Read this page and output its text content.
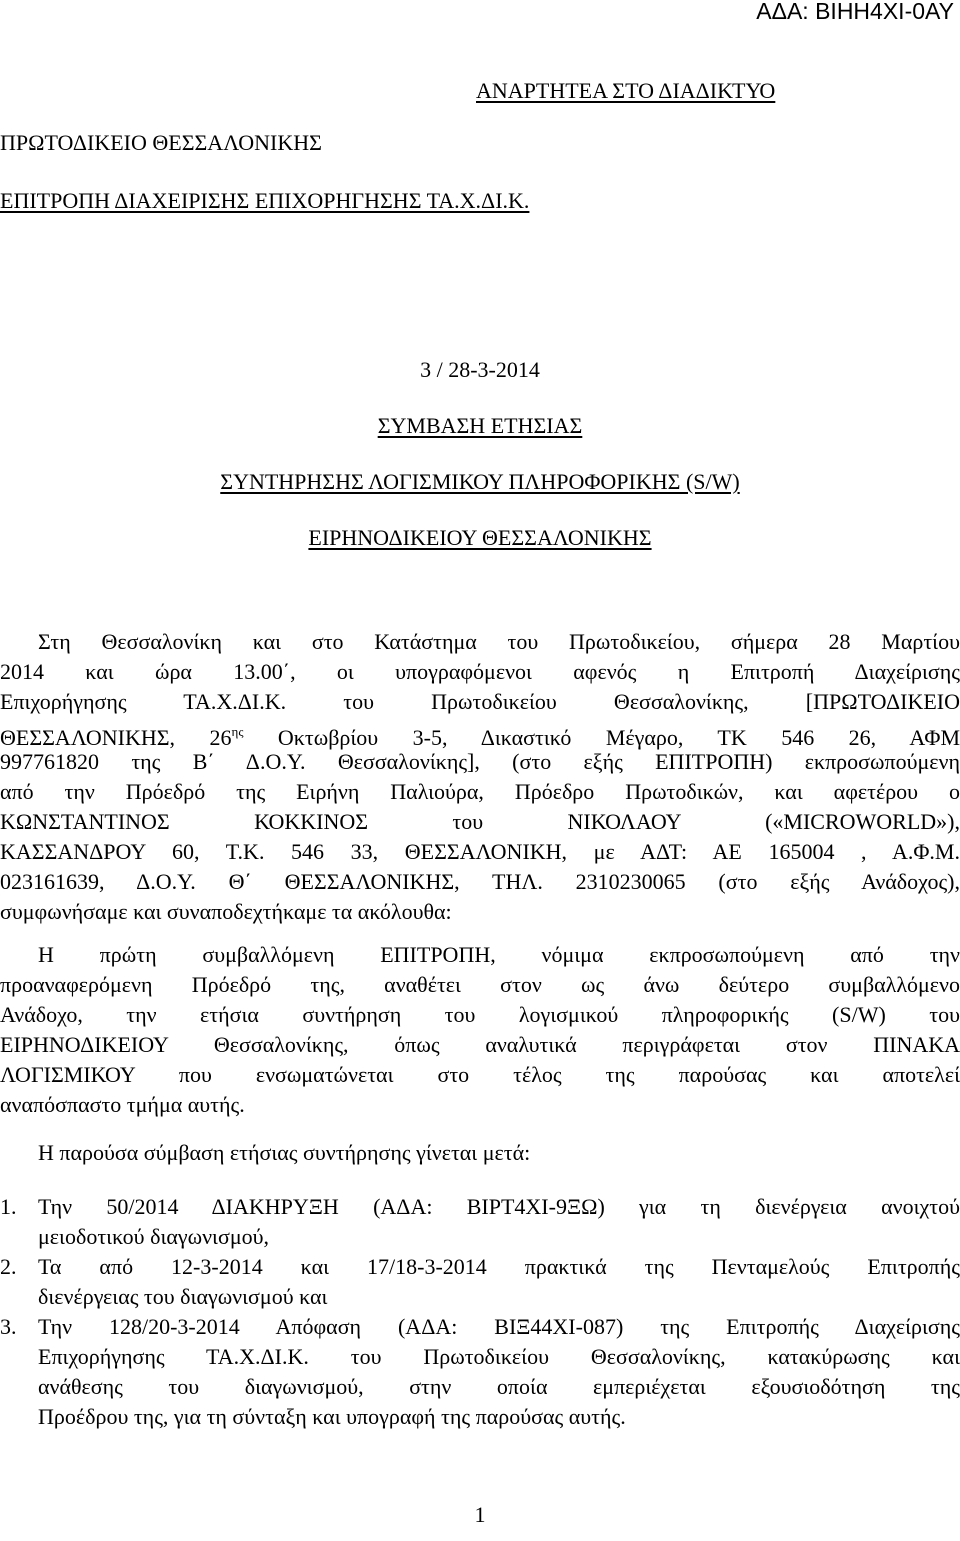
ΑΔΑ: ΒΙΗΗ4ΧΙ-0ΑΥ
ΑΝΑΡΤΗΤΕΑ ΣΤΟ ΔΙΑΔΙΚΤΥΟ
ΠΡΩΤΟΔΙΚΕΙΟ ΘΕΣΣΑΛΟΝΙΚΗΣ
ΕΠΙΤΡΟΠΗ ΔΙΑΧΕΙΡΙΣΗΣ ΕΠΙΧΟΡΗΓΗΣΗΣ ΤΑ.Χ.ΔΙ.Κ.
3 / 28-3-2014
ΣΥΜΒΑΣΗ ΕΤΗΣΙΑΣ
ΣΥΝΤΗΡΗΣΗΣ ΛΟΓΙΣΜΙΚΟΥ ΠΛΗΡΟΦΟΡΙΚΗΣ (S/W)
ΕΙΡΗΝΟΔΙΚΕΙΟΥ ΘΕΣΣΑΛΟΝΙΚΗΣ
Στη Θεσσαλονίκη και στο Κατάστημα του Πρωτοδικείου, σήμερα 28 Μαρτίου
2014 και ώρα 13.00΄, οι υπογραφόμενοι αφενός η Επιτροπή Διαχείρισης
Επιχορήγησης ΤΑ.Χ.ΔΙ.Κ. του Πρωτοδικείου Θεσσαλονίκης, [ΠΡΩΤΟΔΙΚΕΙΟ
ΘΕΣΣΑΛΟΝΙΚΗΣ, $26^{\eta\varsigma}$ Οκτωβρίου 3-5, Δικαστικό Μέγαρο, ΤΚ 546 26, ΑΦΜ
997761820 της Β΄ Δ.Ο.Υ. Θεσσαλονίκης], (στο εξής ΕΠΙΤΡΟΠΗ) εκπροσωπούμενη
από την Πρόεδρό της Ειρήνη Παλιούρα, Πρόεδρο Πρωτοδικών, και αφετέρου ο
ΚΩΝΣΤΑΝΤΙΝΟΣ ΚΟΚΚΙΝΟΣ του ΝΙΚΟΛΑΟΥ («MICROWORLD»),
ΚΑΣΣΑΝΔΡΟΥ 60, Τ.Κ. 546 33, ΘΕΣΣΑΛΟΝΙΚΗ, με ΑΔΤ: ΑΕ 165004 , Α.Φ.Μ.
023161639, Δ.Ο.Υ. Θ΄ ΘΕΣΣΑΛΟΝΙΚΗΣ, ΤΗΛ. 2310230065 (στο εξής Ανάδοχος),
συμφωνήσαμε και συναποδεχτήκαμε τα ακόλουθα:
Η πρώτη συμβαλλόμενη ΕΠΙΤΡΟΠΗ, νόμιμα εκπροσωπούμενη από την
προαναφερόμενη Πρόεδρό της, αναθέτει στον ως άνω δεύτερο συμβαλλόμενο
Ανάδοχο, την ετήσια συντήρηση του λογισμικού πληροφορικής (S/W) του
ΕΙΡΗΝΟΔΙΚΕΙΟΥ Θεσσαλονίκης, όπως αναλυτικά περιγράφεται στον ΠΙΝΑΚΑ
ΛΟΓΙΣΜΙΚΟΥ που ενσωματώνεται στο τέλος της παρούσας και αποτελεί
αναπόσπαστο τμήμα αυτής.
Η παρούσα σύμβαση ετήσιας συντήρησης γίνεται μετά:
1. Την 50/2014 ΔΙΑΚΗΡΥΞΗ (ΑΔΑ: ΒΙΡΤ4ΧΙ-9ΞΩ) για τη διενέργεια ανοιχτού
μειοδοτικού διαγωνισμού,
2. Τα από 12-3-2014 και 17/18-3-2014 πρακτικά της Πενταμελούς Επιτροπής
διενέργειας του διαγωνισμού και
3. Την 128/20-3-2014 Απόφαση (ΑΔΑ: ΒΙΞ44ΧΙ-087) της Επιτροπής Διαχείρισης
Επιχορήγησης ΤΑ.Χ.ΔΙ.Κ. του Πρωτοδικείου Θεσσαλονίκης, κατακύρωσης και
ανάθεσης του διαγωνισμού, στην οποία εμπεριέχεται εξουσιοδότηση της
Προέδρου της, για τη σύνταξη και υπογραφή της παρούσας αυτής.
1
